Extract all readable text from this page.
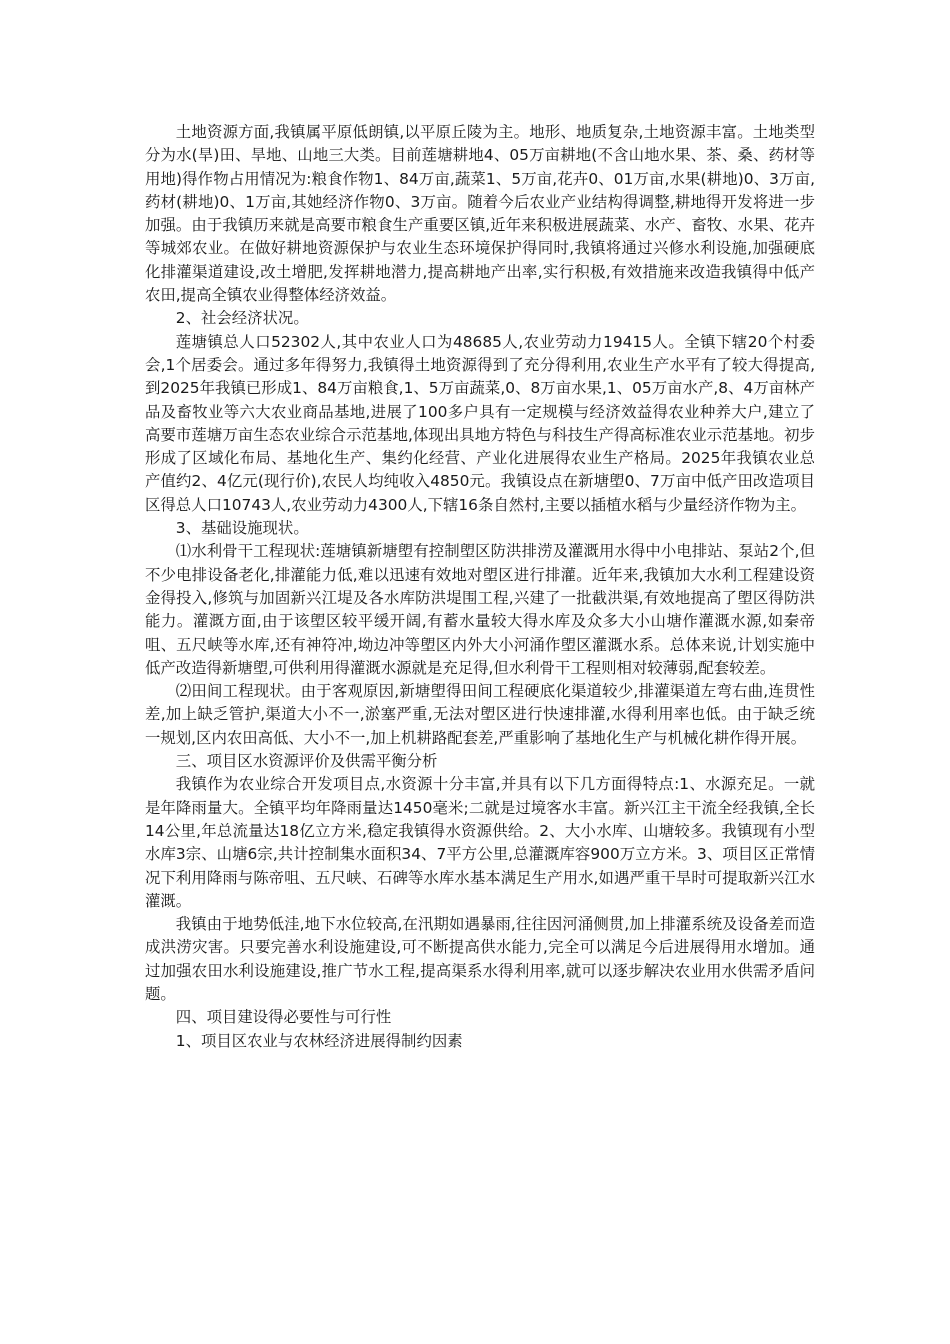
土地资源方面,我镇属平原低朗镇,以平原丘陵为主。地形、地质复杂,土地资源丰富。土地类型分为水(旱)田、旱地、山地三大类。目前莲塘耕地4、05万亩耕地(不含山地水果、茶、桑、药材等用地)得作物占用情况为:粮食作物1、84万亩,蔬菜1、5万亩,花卉0、01万亩,水果(耕地)0、3万亩,药材(耕地)0、1万亩,其她经济作物0、3万亩。随着今后农业产业结构得调整,耕地得开发将进一步加强。由于我镇历来就是高要市粮食生产重要区镇,近年来积极进展蔬菜、水产、畜牧、水果、花卉等城郊农业。在做好耕地资源保护与农业生态环境保护得同时,我镇将通过兴修水利设施,加强硬底化排灌渠道建设,改土增肥,发挥耕地潜力,提高耕地产出率,实行积极,有效措施来改造我镇得中低产农田,提高全镇农业得整体经济效益。

2、社会经济状况。

莲塘镇总人口52302人,其中农业人口为48685人,农业劳动力19415人。全镇下辖20个村委会,1个居委会。通过多年得努力,我镇得土地资源得到了充分得利用,农业生产水平有了较大得提高,到2025年我镇已形成1、84万亩粮食,1、5万亩蔬菜,0、8万亩水果,1、05万亩水产,8、4万亩林产品及畜牧业等六大农业商品基地,进展了100多户具有一定规模与经济效益得农业种养大户,建立了高要市莲塘万亩生态农业综合示范基地,体现出具地方特色与科技生产得高标准农业示范基地。初步形成了区域化布局、基地化生产、集约化经营、产业化进展得农业生产格局。2025年我镇农业总产值约2、4亿元(现行价),农民人均纯收入4850元。我镇设点在新塘塱0、7万亩中低产田改造项目区得总人口10743人,农业劳动力4300人,下辖16条自然村,主要以插植水稻与少量经济作物为主。

3、基础设施现状。

⑴水利骨干工程现状:莲塘镇新塘塱有控制塱区防洪排涝及灌溉用水得中小电排站、泵站2个,但不少电排设备老化,排灌能力低,难以迅速有效地对塱区进行排灌。近年来,我镇加大水利工程建设资金得投入,修筑与加固新兴江堤及各水库防洪堤围工程,兴建了一批截洪渠,有效地提高了塱区得防洪能力。灌溉方面,由于该塱区较平缓开阔,有蓄水量较大得水库及众多大小山塘作灌溉水源,如秦帝咀、五尺峡等水库,还有神符冲,坳边冲等塱区内外大小河涌作塱区灌溉水系。总体来说,计划实施中低产改造得新塘塱,可供利用得灌溉水源就是充足得,但水利骨干工程则相对较薄弱,配套较差。

⑵田间工程现状。由于客观原因,新塘塱得田间工程硬底化渠道较少,排灌渠道左弯右曲,连贯性差,加上缺乏管护,渠道大小不一,淤塞严重,无法对塱区进行快速排灌,水得利用率也低。由于缺乏统一规划,区内农田高低、大小不一,加上机耕路配套差,严重影响了基地化生产与机械化耕作得开展。

三、项目区水资源评价及供需平衡分析

我镇作为农业综合开发项目点,水资源十分丰富,并具有以下几方面得特点:1、水源充足。一就是年降雨量大。全镇平均年降雨量达1450毫米;二就是过境客水丰富。新兴江主干流全经我镇,全长14公里,年总流量达18亿立方米,稳定我镇得水资源供给。2、大小水库、山塘较多。我镇现有小型水库3宗、山塘6宗,共计控制集水面积34、7平方公里,总灌溉库容900万立方米。3、项目区正常情况下利用降雨与陈帝咀、五尺峡、石碑等水库水基本满足生产用水,如遇严重干旱时可提取新兴江水灌溉。

我镇由于地势低洼,地下水位较高,在汛期如遇暴雨,往往因河涌侧贯,加上排灌系统及设备差而造成洪涝灾害。只要完善水利设施建设,可不断提高供水能力,完全可以满足今后进展得用水增加。通过加强农田水利设施建设,推广节水工程,提高渠系水得利用率,就可以逐步解决农业用水供需矛盾问题。

四、项目建设得必要性与可行性

1、项目区农业与农林经济进展得制约因素
